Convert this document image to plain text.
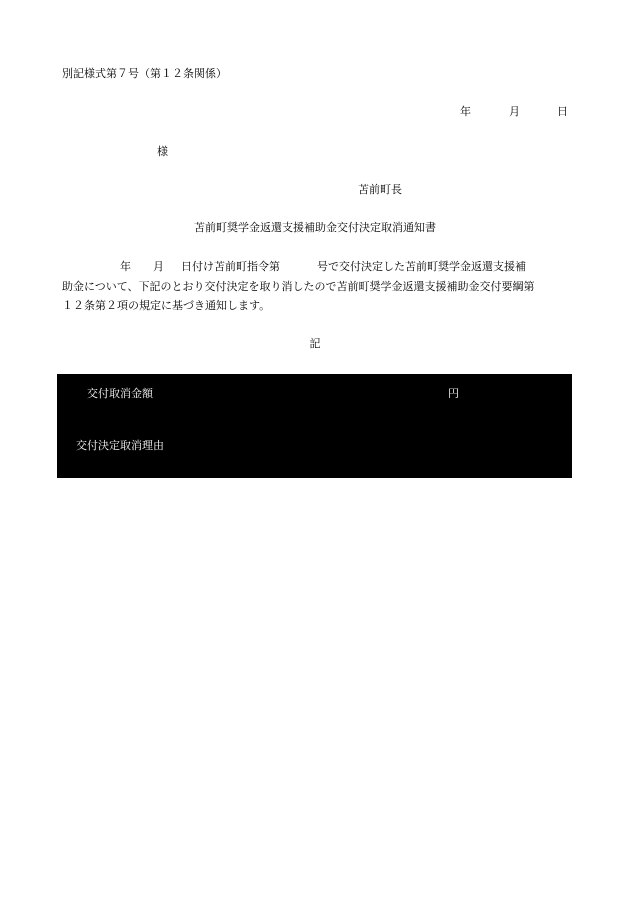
別記様式第７号（第１２条関係）
年	月	日
様
苫前町長
苫前町奨学金返還支援補助金交付決定取消通知書
年 月 日付け苫前町指令第	号で交付決定した苫前町奨学金返還支援補
助金について、下記のとおり交付決定を取り消したので苫前町奨学金返還支援補助金交付要綱第
１２条第２項の規定に基づき通知します。
記
交付取消金額	円
交付決定取消理由
